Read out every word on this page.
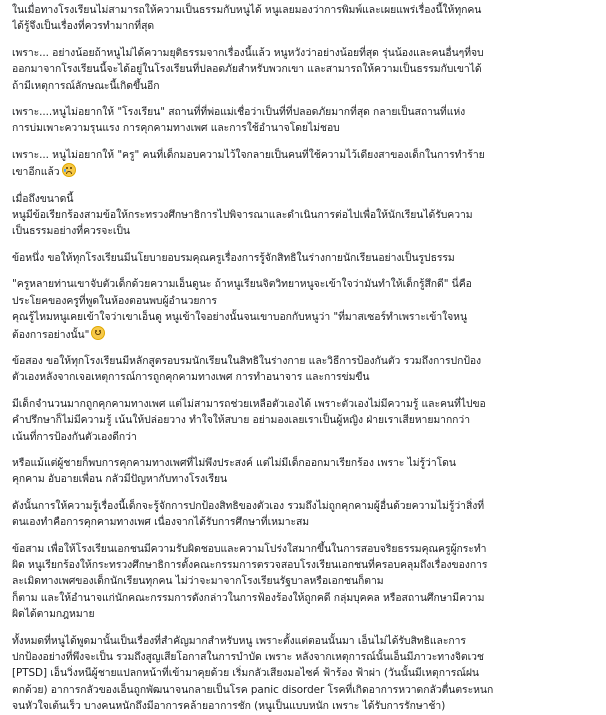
ในเมื่อทางโรงเรียนไม่สามารถให้ความเป็นธรรมกับหนูได้ หนูเลยมองว่าการพิมพ์และเผยแพร่เรื่องนี้ให้ทุกคน
ได้รู้จึงเป็นเรื่องที่ควรทำมากที่สุด
เพราะ... อย่างน้อยถ้าหนูไม่ได้ความยุติธรรมจากเรื่องนี้แล้ว หนูหวังว่าอย่างน้อยที่สุด รุ่นน้องและคนอื่นๆที่จบ
ออกมาจากโรงเรียนนี้จะได้อยู่ในโรงเรียนที่ปลอดภัยสำหรับพวกเขา และสามารถให้ความเป็นธรรมกับเขาได้
ถ้ามีเหตุการณ์ลักษณะนี้เกิดขึ้นอีก
เพราะ....หนูไม่อยากให้ "โรงเรียน" สถานที่ที่พ่อแม่เชื่อว่าเป็นที่ที่ปลอดภัยมากที่สุด กลายเป็นสถานที่แห่ง
การบ่มเพาะความรุนแรง การคุกคามทางเพศ และการใช้อำนาจโดยไม่ชอบ
เพราะ... หนูไม่อยากให้ "ครู" คนที่เด็กมอบความไว้ใจกลายเป็นคนที่ใช้ความไว้เดียงสาของเด็กในการทำร้าย
เขาอีกแล้ว
เมื่อถึงขนาดนี้
หนูมีข้อเรียกร้องสามข้อให้กระทรวงศึกษาธิการไปพิจารณาและดำเนินการต่อไปเพื่อให้นักเรียนได้รับความ
เป็นธรรมอย่างที่ควรจะเป็น
ข้อหนึ่ง ขอให้ทุกโรงเรียนมีนโยบายอบรมคุณครูเรื่องการรู้จักสิทธิในร่างกายนักเรียนอย่างเป็นรูปธรรม
"ครูหลายท่านเขาจับตัวเด็กด้วยความเอ็นดูนะ ถ้าหนูเรียนจิตวิทยาหนูจะเข้าใจว่ามันทำให้เด็กรู้สึกดี" นี่คือ
ประโยคของครูที่พูดในห้องตอนพบผู้อำนวยการ
คุณรู้ไหมหนูเคยเข้าใจว่าเขาเอ็นดู หนูเข้าใจอย่างนั้นจนเขาบอกกับหนูว่า "ที่มาสเซอร์ทำเพราะเข้าใจหนู
ต้องการอย่างนั้น"
ข้อสอง ขอให้ทุกโรงเรียนมีหลักสูตรอบรมนักเรียนในสิทธิในร่างกาย และวิธีการป้องกันตัว รวมถึงการปกป้อง
ตัวเองหลังจากเจอเหตุการณ์การถูกคุกคามทางเพศ การทำอนาจาร และการข่มขืน
มีเด็กจำนวนมากถูกคุกคามทางเพศ แต่ไม่สามารถช่วยเหลือตัวเองได้ เพราะตัวเองไม่มีความรู้ และคนที่ไปขอ
คำปรึกษาก็ไม่มีความรู้ เน้นให้ปล่อยวาง ทำใจให้สบาย อย่ามองเลยเราเป็นผู้หญิง ฝ่ายเราเสียหายมากกว่า
เน้นที่การป้องกันตัวเองดีกว่า
หรือแม้แต่ผู้ชายก็พบการคุกคามทางเพศที่ไม่พึงประสงค์ แต่ไม่มีเด็กออกมาเรียกร้อง เพราะ ไม่รู้ว่าโดน
คุกคาม อับอายเพื่อน กลัวมีปัญหากับทางโรงเรียน
ดังนั้นการให้ความรู้เรื่องนี้เด็กจะรู้จักการปกป้องสิทธิของตัวเอง รวมถึงไม่ถูกคุกคามผู้อื่นด้วยความไม่รู้ว่าสิ่งที่
ตนเองทำคือการคุกคามทางเพศ เนื่องจากได้รับการศึกษาที่เหมาะสม
ข้อสาม เพื่อให้โรงเรียนเอกชนมีความรับผิดชอบและความโปร่งใสมากขึ้นในการสอบจริยธรรมคุณครูผู้กระทำ
ผิด หนูเรียกร้องให้กระทรวงศึกษาธิการตั้งคณะกรรมการตรวจสอบโรงเรียนเอกชนที่ครอบคลุมถึงเรื่องของการ
ละเมิดทางเพศของเด็กนักเรียนทุกคน ไม่ว่าจะมาจากโรงเรียนรัฐบาลหรือเอกชนก็ตาม
ก็ตาม และให้อำนาจแก่นักคณะกรรมการดังกล่าวในการฟ้องร้องให้ถูกคดี กลุ่มบุคคล หรือสถานศึกษามีความ
ผิดได้ตามกฎหมาย
ทั้งหมดที่หนูได้พูดมานั้นเป็นเรื่องที่สำคัญมากสำหรับหนู เพราะตั้งแต่ตอนนั้นมา เอ็นไม่ได้รับสิทธิและการ
ปกป้องอย่างที่พึงจะเป็น รวมถึงสูญเสียโอกาสในการบำบัด เพราะ หลังจากเหตุการณ์นั้นเอ็นมีภาวะทางจิตเวช
[PTSD] เอ็นวิ่งหนีผู้ชายแปลกหน้าที่เข้ามาคุยด้วย เริ่มกลัวเสียงมอไซค์ ฟ้าร้อง ฟ้าผ่า (วันนั้นมีเหตุการณ์ฝน
ตกด้วย) อาการกลัวของเอ็นถูกพัฒนาจนกลายเป็นโรค panic disorder โรคที่เกิดอาการหวาดกลัวตื่นตระหนก
จนหัวใจเต้นเร็ว บางคนหนักถึงมีอาการคล้ายอาการชัก (หนูเป็นแบบหนัก เพราะ ได้รับการรักษาช้า)
